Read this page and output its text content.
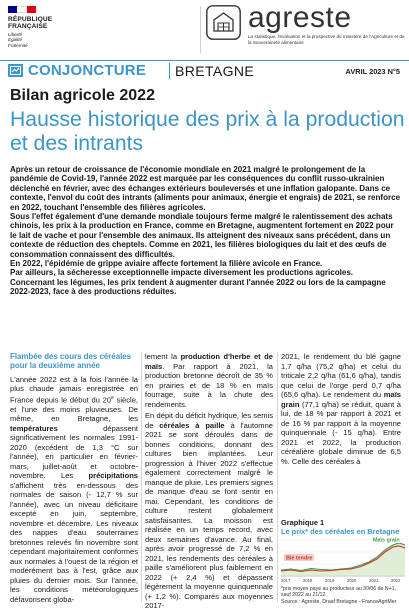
RÉPUBLIQUE
FRANÇAISE
Liberté
Égalité
Fraternité
agreste
La statistique, l'évaluation et la prospective du ministère de l'Agriculture et de la Souveraineté alimentaire
CONJONCTURE BRETAGNE	AVRIL 2023 N°5
Bilan agricole 2022
Hausse historique des prix à la production et des intrants

Après un retour de croissance de l'économie mondiale en 2021 malgré le prolongement de la pandémie de Covid-19, l'année 2022 est marquée par les conséquences du conflit russo-ukrainien déclenché en février, avec des échanges extérieurs bouleversés et une inflation galopante. Dans ce contexte, l'envol du coût des intrants (aliments pour animaux, énergie et engrais) de 2021, se renforce en 2022, touchant l'ensemble des filières agricoles.

Sous l'effet également d'une demande mondiale toujours ferme malgré le ralentissement des achats chinois, les prix à la production en France, comme en Bretagne, augmentent fortement en 2022 pour le lait de vache et pour l'ensemble des animaux. Ils atteignent des niveaux sans précédent, dans un contexte de réduction des cheptels. Comme en 2021, les filières biologiques du lait et des œufs de consommation connaissent des difficultés.

En 2022, l'épidémie de grippe aviaire affecte fortement la filière avicole en France.

Par ailleurs, la sécheresse exceptionnelle impacte diversement les productions agricoles.

Concernant les légumes, les prix tendent à augmenter durant l'année 2022 ou lors de la campagne 2022-2023, face à des productions réduites.

Flambée des cours des céréales pour la deuxième année

L'année 2022 est à la fois l'année la plus chaude jamais enregistrée en France depuis le début du 20e siècle, et l'une des moins pluvieuses. De même, en Bretagne, les températures dépassent significativement les normales 1991-2020 (excédent de 1,3 °C sur l'année), en particulier en février-mars, juillet-août et octobre-novembre. Les précipitations s'affichent très en-dessous des normales de saison (- 12,7 % sur l'année), avec un niveau déficitaire excepté en juin, septembre, novembre et décembre. Les niveaux des nappes d'eau souterraines bretonnes relevés fin novembre sont cependant majoritairement conformes aux normales à l'ouest de la région et modérément bas à l'est, grâce aux pluies du dernier mois. Sur l'année, les conditions météorologiques défavorisent globa-

lement la production d'herbe et de maïs. Par rapport à 2021, la production bretonne décroît de 35 % en prairies et de 18 % en maïs fourrage, suite à la chute des rendements.

En dépit du déficit hydrique, les semis de céréales à paille à l'automne 2021 se sont déroulés dans de bonnes conditions, donnant des cultures bien implantées. Leur progression à l'hiver 2022 s'effectue également correctement malgré le manque de pluie. Les premiers signes de manque d'eau se font sentir en mai. Cependant, les conditions de culture restent globalement satisfaisantes. La moisson est réalisée en un temps record, avec deux semaines d'avance. Au final, après avoir progressé de 7,2 % en 2021, les rendements des céréales à paille s'améliorent plus faiblement en 2022 (+ 2,4 %) et dépassent légèrement la moyenne quinquennale (+ 1,2 %). Comparés aux moyennes 2017-

2021, le rendement du blé gagne 1,7 q/ha (75,2 q/ha) et celui du triticale 2,2 q/ha (61,6 q/ha), tandis que celui de l'orge perd 0,7 q/ha (65,6 q/ha). Le rendement du maïs grain (77,1 q/ha) se réduit, quant à lui, de 18 % par rapport à 2021 et de 16 % par rapport à la moyenne quinquennale (- 15 q/ha). Entre 2021 et 2022, la production céréalière globale diminue de 6,5 %. Celle des céréales à

Graphique 1
Le prix* des céréales en Bretagne
Maïs grain
Blé tendre
2017	2018	2019	2020	2021	2022
*prix moyen payé au producteur au 30/06 de N+1, sauf 2022 au 21/12
Source : Agreste, Draaf Bretagne - FranceAgriMer
